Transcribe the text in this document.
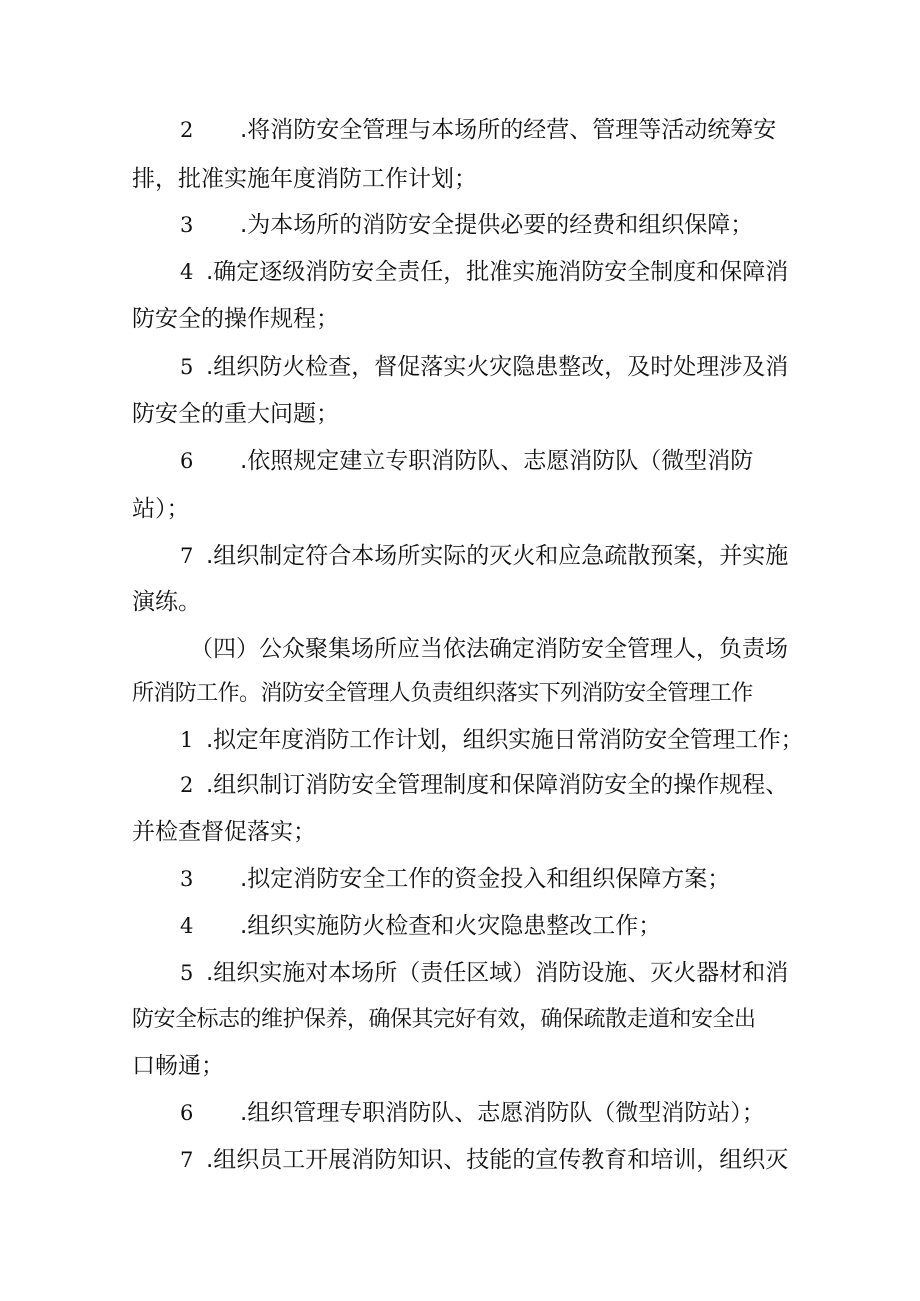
2 .将消防安全管理与本场所的经营、管理等活动统筹安
排，批准实施年度消防工作计划；
3 .为本场所的消防安全提供必要的经费和组织保障；
4 .确定逐级消防安全责任，批准实施消防安全制度和保障消
防安全的操作规程；
5 .组织防火检查，督促落实火灾隐患整改，及时处理涉及消
防安全的重大问题；
6 .依照规定建立专职消防队、志愿消防队（微型消防
站）；
7 .组织制定符合本场所实际的灭火和应急疏散预案，并实施
演练。
（四）公众聚集场所应当依法确定消防安全管理人，负责场
所消防工作。消防安全管理人负责组织落实下列消防安全管理工作
1 .拟定年度消防工作计划，组织实施日常消防安全管理工作；
2 .组织制订消防安全管理制度和保障消防安全的操作规程、
并检查督促落实；
3 .拟定消防安全工作的资金投入和组织保障方案；
4 .组织实施防火检查和火灾隐患整改工作；
5 .组织实施对本场所（责任区域）消防设施、灭火器材和消
防安全标志的维护保养，确保其完好有效，确保疏散走道和安全出
口畅通；
6 .组织管理专职消防队、志愿消防队（微型消防站）；
7 .组织员工开展消防知识、技能的宣传教育和培训，组织灭
